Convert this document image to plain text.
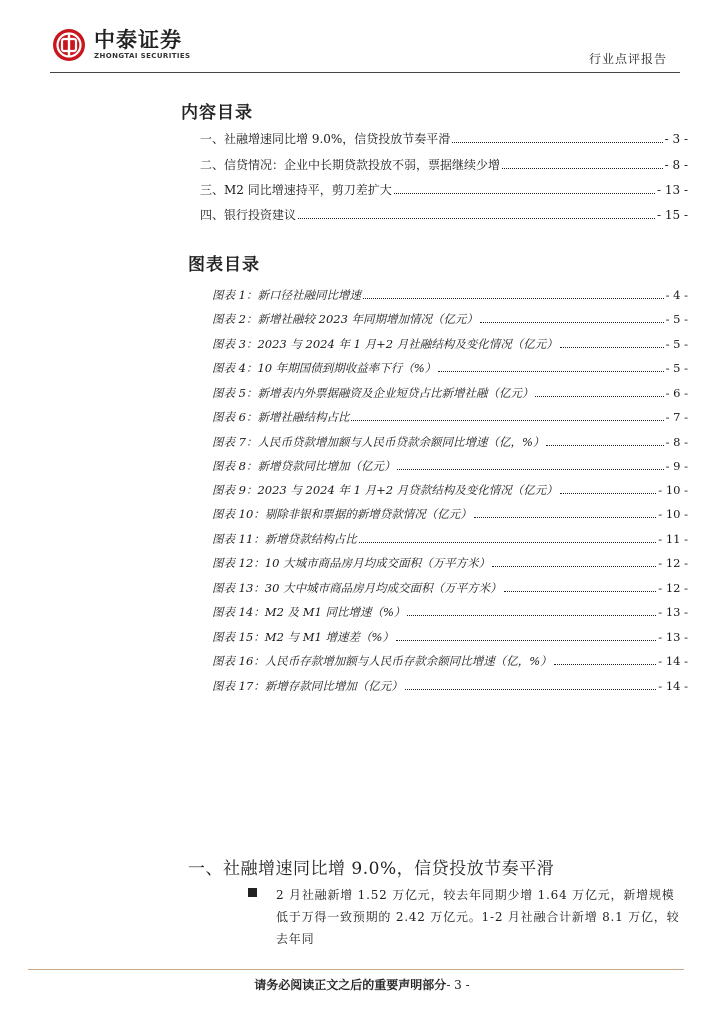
中泰证券
ZHONGTAI SECURITIES	行业点评报告
内容目录
一、社融增速同比增 9.0%，信贷投放节奏平滑	- 3 -
二、信贷情况：企业中长期贷款投放不弱，票据继续少增	- 8 -
三、M2 同比增速持平，剪刀差扩大	- 13 -
四、银行投资建议	- 15 -
图表目录
图表 1：新口径社融同比增速	- 4 -
图表 2：新增社融较 2023 年同期增加情况（亿元）	- 5 -
图表 3：2023 与 2024 年 1 月+2 月社融结构及变化情况（亿元）	- 5 -
图表 4：10 年期国债到期收益率下行（%）	- 5 -
图表 5：新增表内外票据融资及企业短贷占比新增社融（亿元）	- 6 -
图表 6：新增社融结构占比	- 7 -
图表 7：人民币贷款增加额与人民币贷款余额同比增速（亿，%）	- 8 -
图表 8：新增贷款同比增加（亿元）	- 9 -
图表 9：2023 与 2024 年 1 月+2 月贷款结构及变化情况（亿元）	- 10 -
图表 10：剔除非银和票据的新增贷款情况（亿元）	- 10 -
图表 11：新增贷款结构占比	- 11 -
图表 12：10 大城市商品房月均成交面积（万平方米）	- 12 -
图表 13：30 大中城市商品房月均成交面积（万平方米）	- 12 -
图表 14：M2 及 M1 同比增速（%）	- 13 -
图表 15：M2 与 M1 增速差（%）	- 13 -
图表 16：人民币存款增加额与人民币存款余额同比增速（亿，%）	- 14 -
图表 17：新增存款同比增加（亿元）	- 14 -
一、社融增速同比增 9.0%，信贷投放节奏平滑
2 月社融新增 1.52 万亿元，较去年同期少增 1.64 万亿元，新增规模低于万得一致预期的 2.42 万亿元。1-2 月社融合计新增 8.1 万亿，较去年同
请务必阅读正文之后的重要声明部分- 3 -
